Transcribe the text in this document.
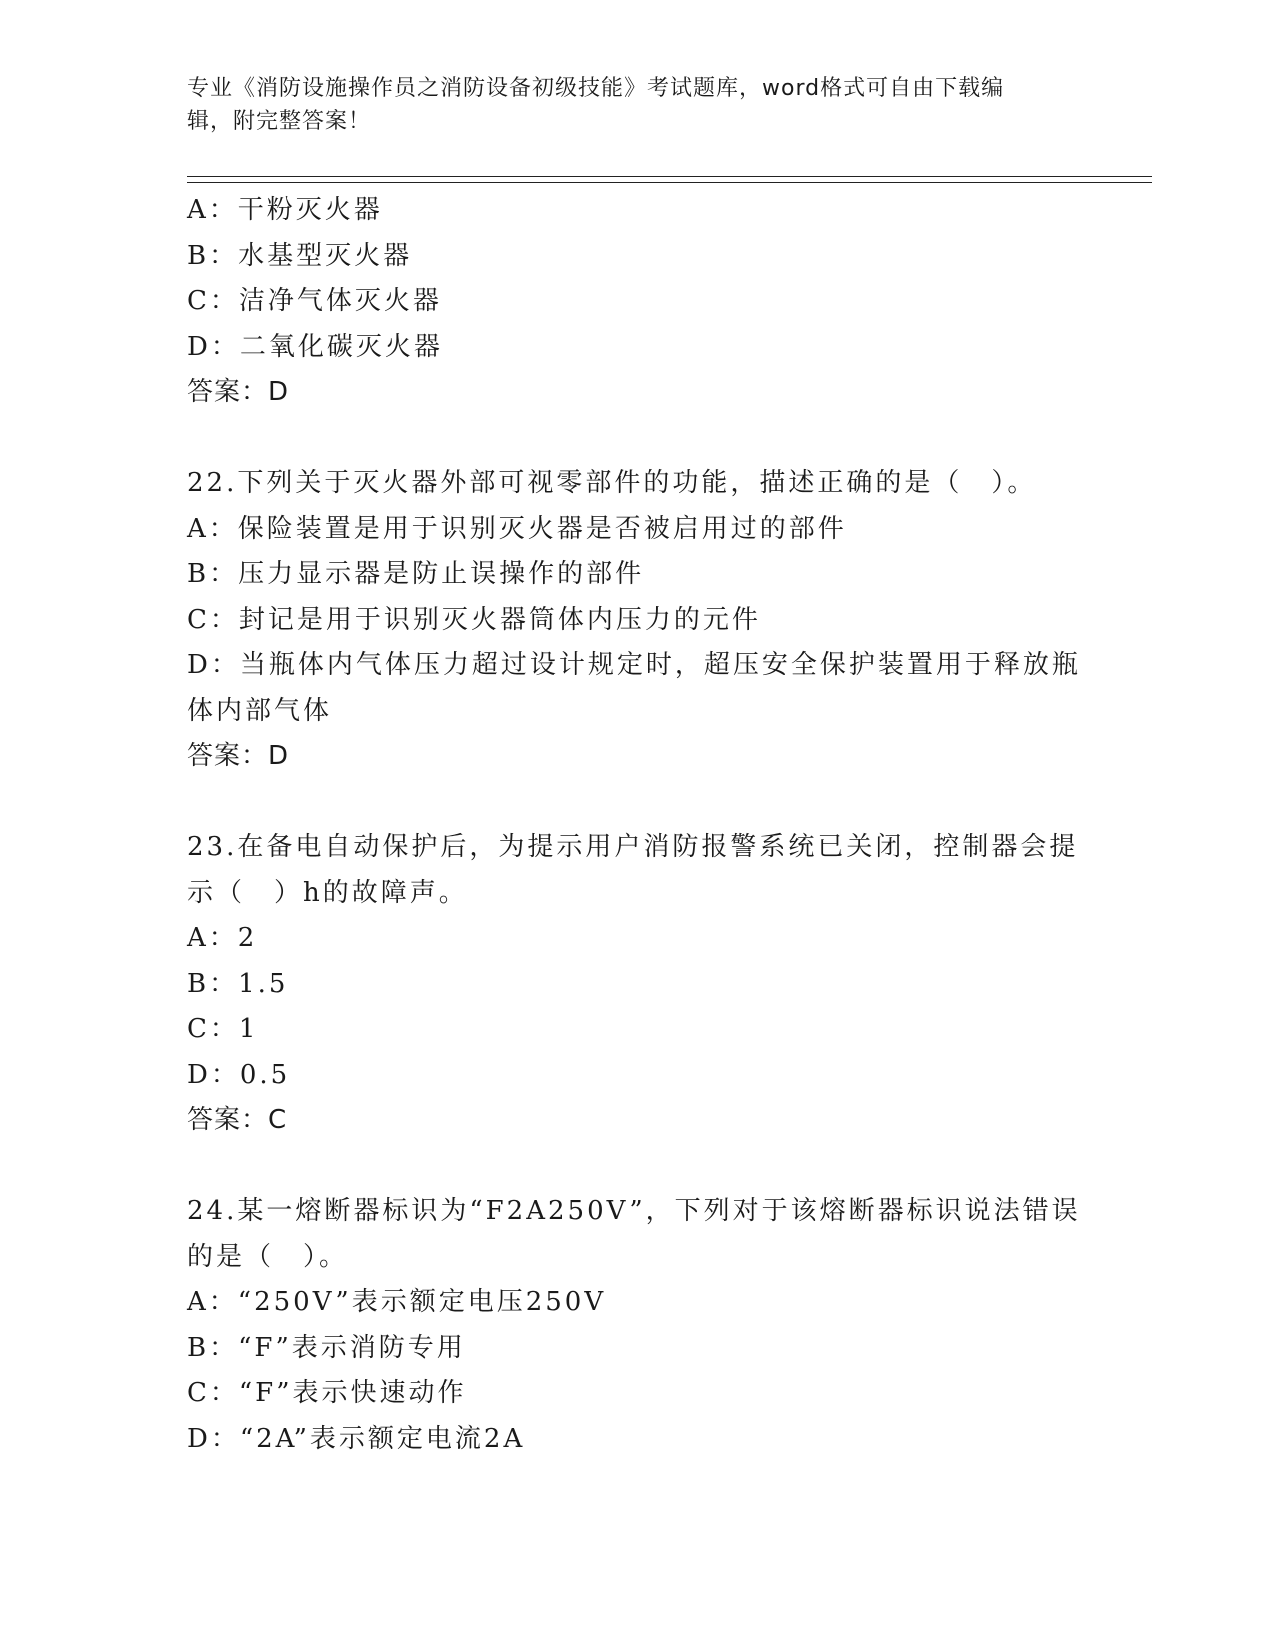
专业《消防设施操作员之消防设备初级技能》考试题库，word格式可自由下载编
辑，附完整答案！
A：干粉灭火器
B：水基型灭火器
C：洁净气体灭火器
D：二氧化碳灭火器
答案：D
22.下列关于灭火器外部可视零部件的功能，描述正确的是（　）。
A：保险装置是用于识别灭火器是否被启用过的部件
B：压力显示器是防止误操作的部件
C：封记是用于识别灭火器筒体内压力的元件
D：当瓶体内气体压力超过设计规定时，超压安全保护装置用于释放瓶
体内部气体
答案：D
23.在备电自动保护后，为提示用户消防报警系统已关闭，控制器会提
示（　）h的故障声。
A：2
B：1.5
C：1
D：0.5
答案：C
24.某一熔断器标识为“F2A250V”，下列对于该熔断器标识说法错误
的是（　）。
A：“250V”表示额定电压250V
B：“F”表示消防专用
C：“F”表示快速动作
D：“2A”表示额定电流2A
